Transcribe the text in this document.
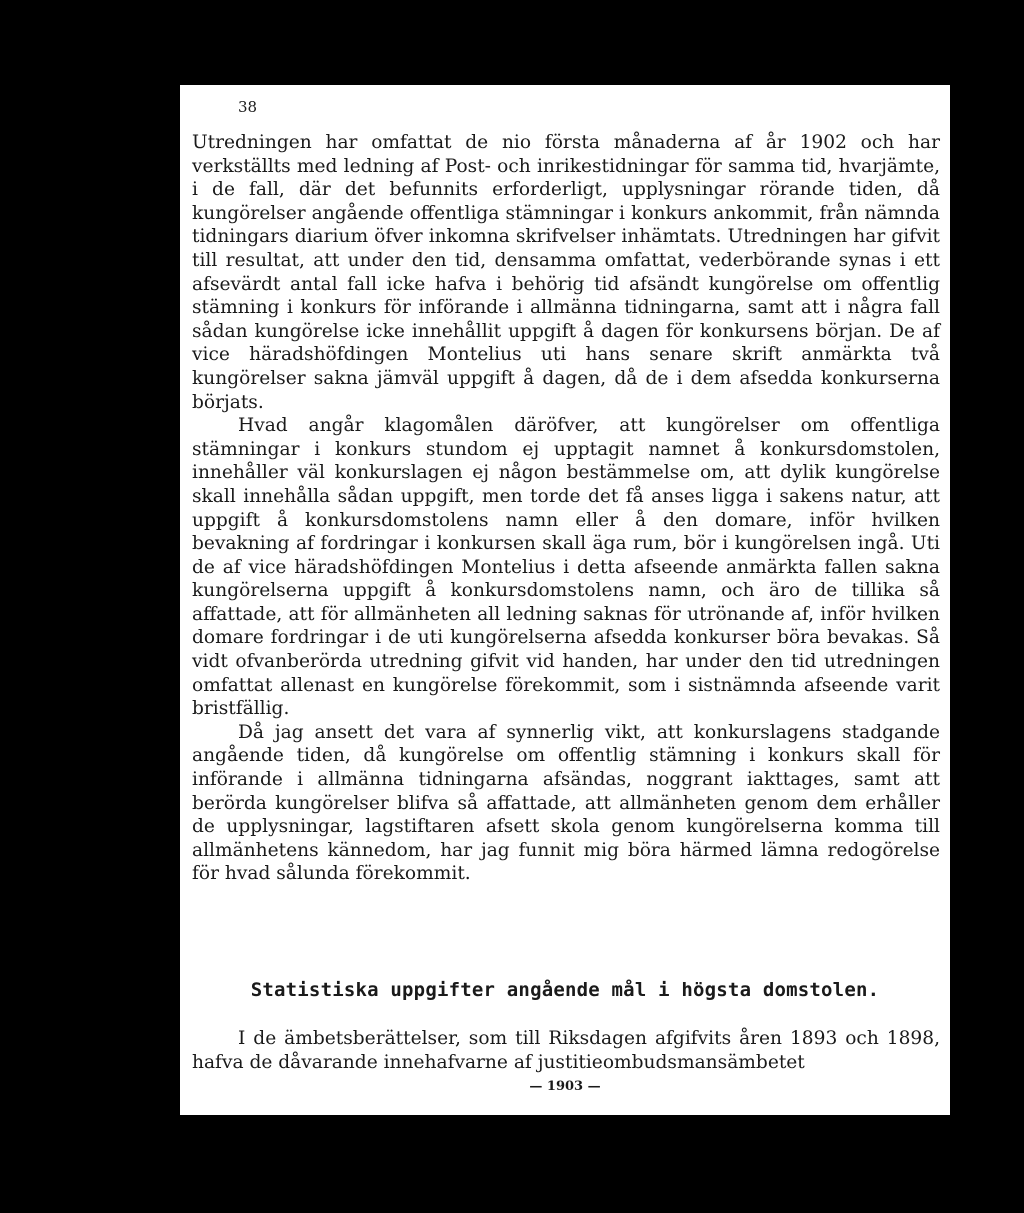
38

Utredningen har omfattat de nio första månaderna af år 1902 och har verkställts med ledning af Post- och inrikestidningar för samma tid, hvarjämte, i de fall, där det befunnits erforderligt, upplysningar rörande tiden, då kungörelser angående offentliga stämningar i konkurs ankommit, från nämnda tidningars diarium öfver inkomna skrifvelser inhämtats. Utredningen har gifvit till resultat, att under den tid, densamma omfattat, vederbörande synas i ett afsevärdt antal fall icke hafva i behörig tid afsändt kungörelse om offentlig stämning i konkurs för införande i allmänna tidningarna, samt att i några fall sådan kungörelse icke innehållit uppgift å dagen för konkursens början. De af vice häradshöfdingen Montelius uti hans senare skrift anmärkta två kungörelser sakna jämväl uppgift å dagen, då de i dem afsedda konkurserna börjats.

Hvad angår klagomålen däröfver, att kungörelser om offentliga stämningar i konkurs stundom ej upptagit namnet å konkursdomstolen, innehåller väl konkurslagen ej någon bestämmelse om, att dylik kungörelse skall innehålla sådan uppgift, men torde det få anses ligga i sakens natur, att uppgift å konkursdomstolens namn eller å den domare, inför hvilken bevakning af fordringar i konkursen skall äga rum, bör i kungörelsen ingå. Uti de af vice häradshöfdingen Montelius i detta afseende anmärkta fallen sakna kungörelserna uppgift å konkursdomstolens namn, och äro de tillika så affattade, att för allmänheten all ledning saknas för utrönande af, inför hvilken domare fordringar i de uti kungörelserna afsedda konkurser böra bevakas. Så vidt ofvanberörda utredning gifvit vid handen, har under den tid utredningen omfattat allenast en kungörelse förekommit, som i sistnämnda afseende varit bristfällig.

Då jag ansett det vara af synnerlig vikt, att konkurslagens stadgande angående tiden, då kungörelse om offentlig stämning i konkurs skall för införande i allmänna tidningarna afsändas, noggrant iakttages, samt att berörda kungörelser blifva så affattade, att allmänheten genom dem erhåller de upplysningar, lagstiftaren afsett skola genom kungörelserna komma till allmänhetens kännedom, har jag funnit mig böra härmed lämna redogörelse för hvad sålunda förekommit.

Statistiska uppgifter angående mål i högsta domstolen.

I de ämbetsberättelser, som till Riksdagen afgifvits åren 1893 och 1898, hafva de dåvarande innehafvarne af justitieombudsmansämbetet

— 1903 —
